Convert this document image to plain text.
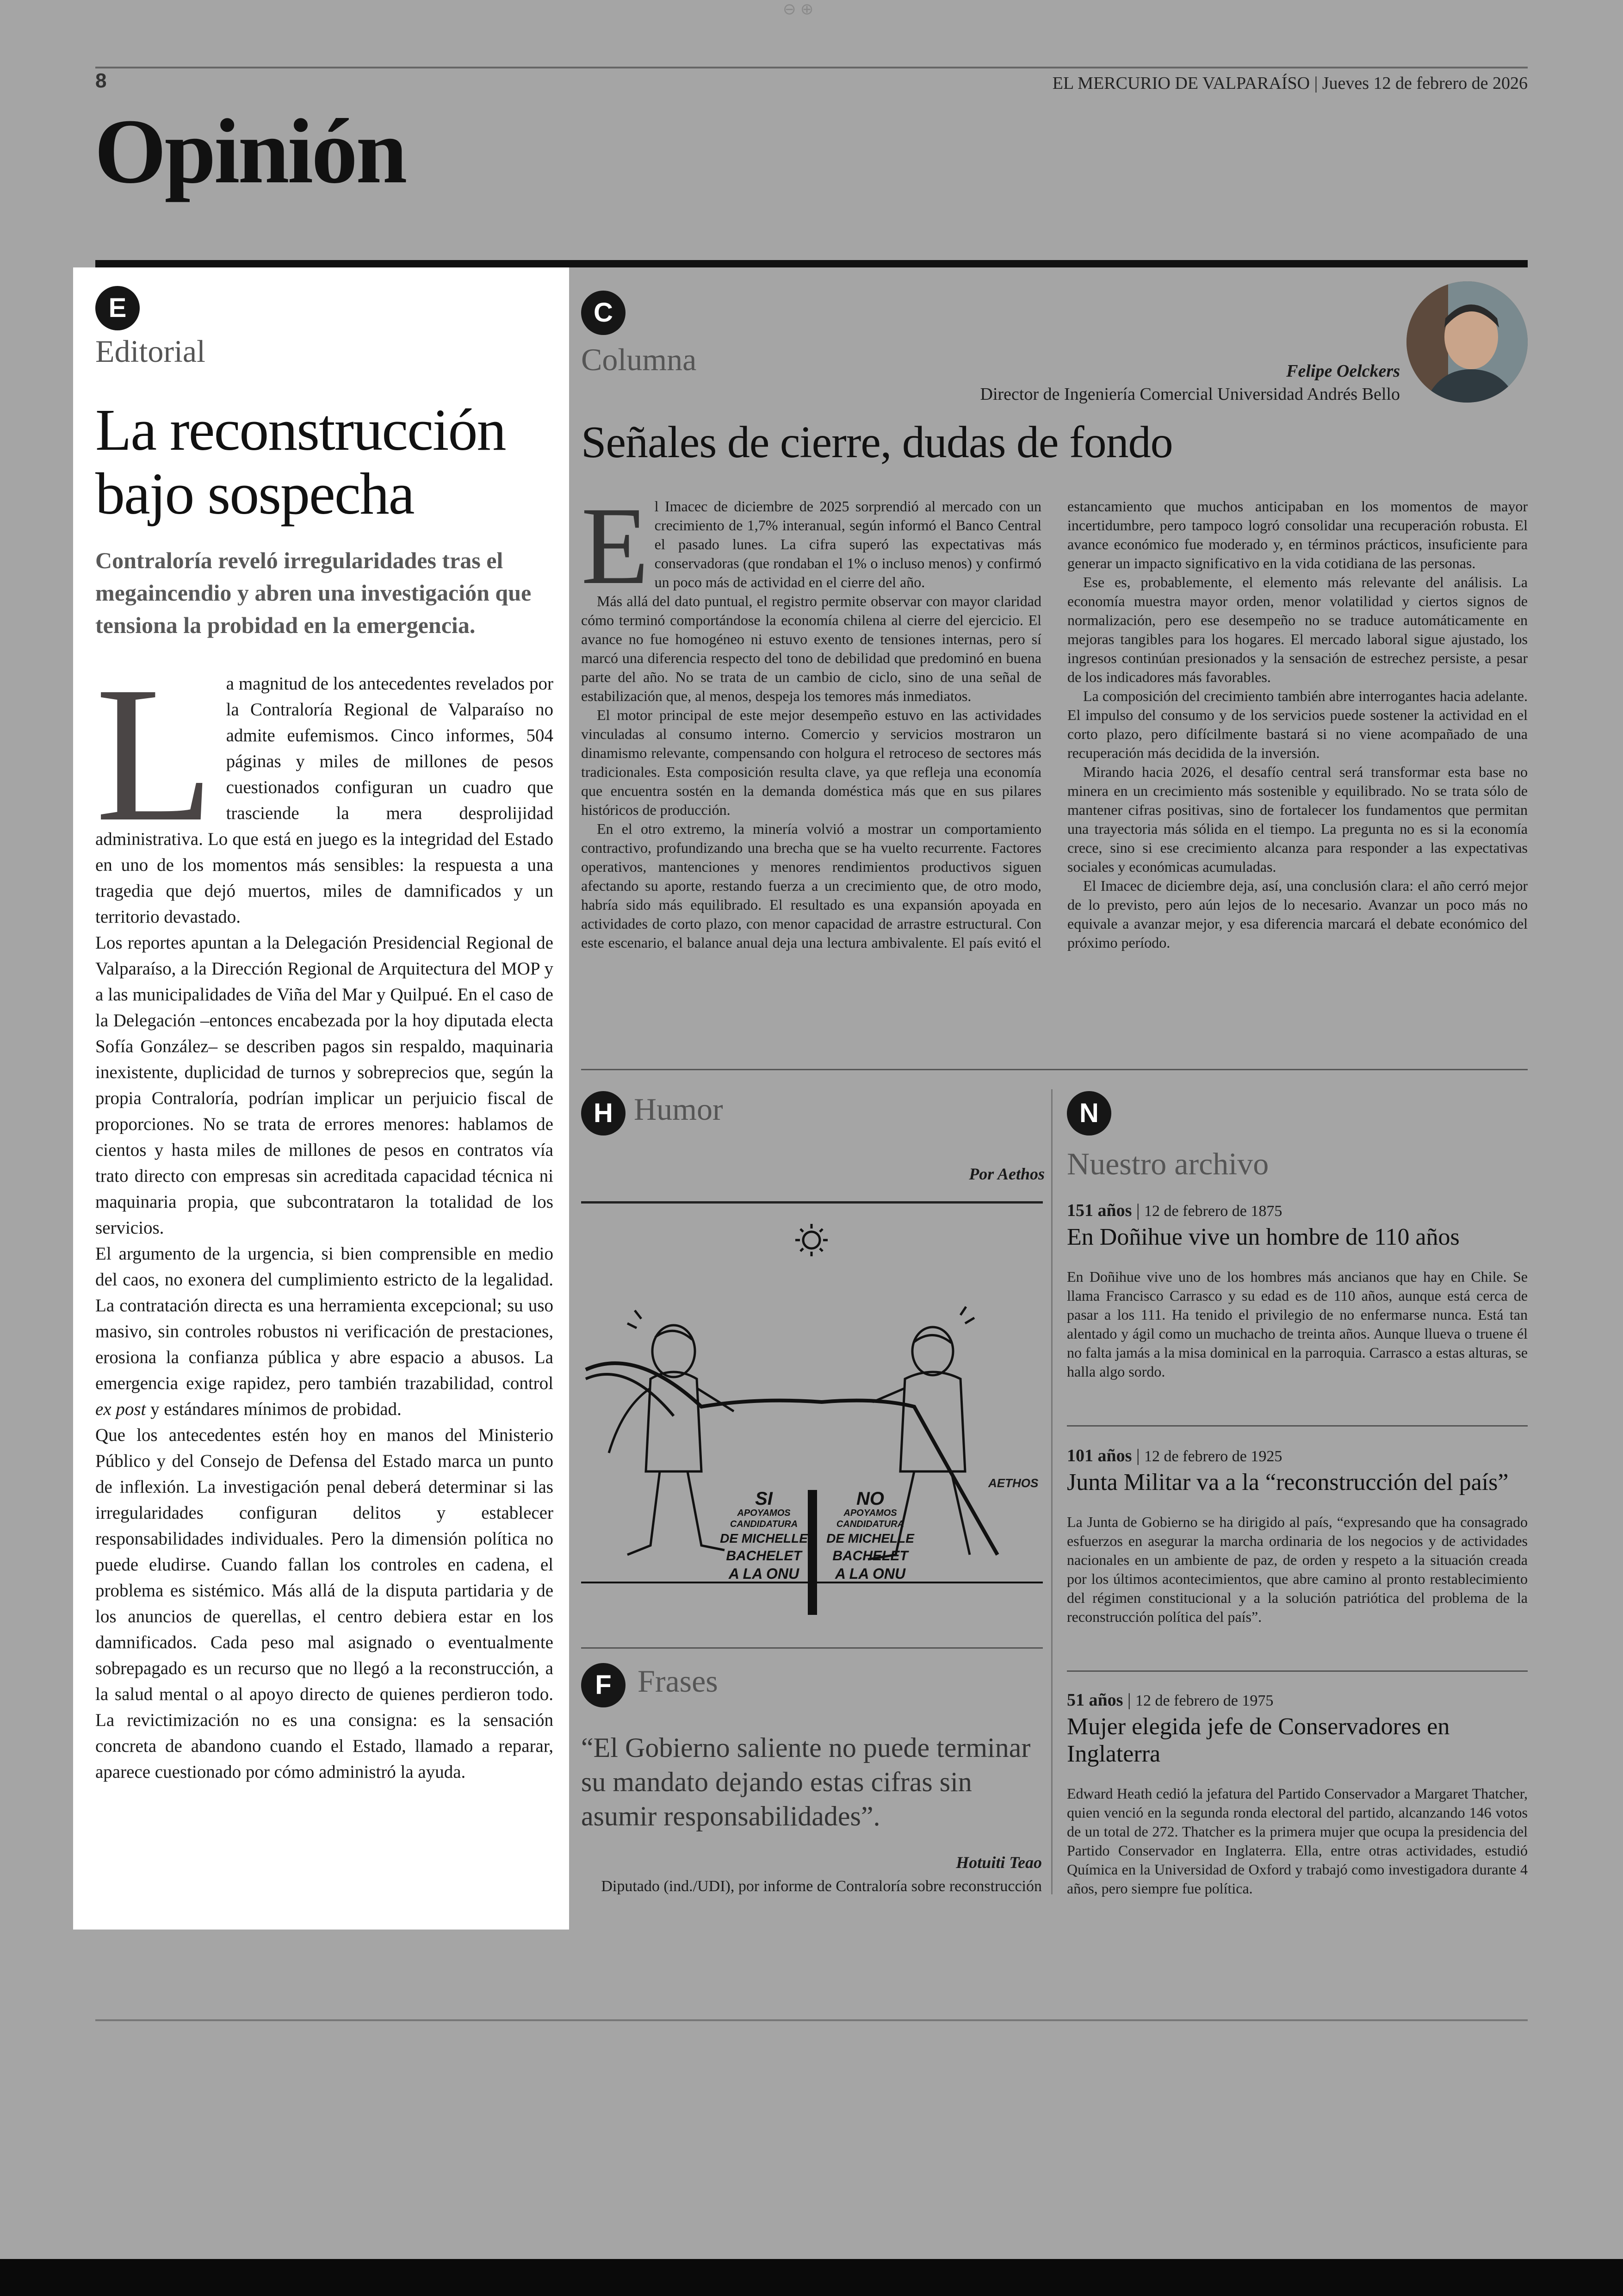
⊖ ⊕
8	EL MERCURIO DE VALPARAÍSO | Jueves 12 de febrero de 2026
Opinión
E
Editorial
La reconstrucción
bajo sospecha
Contraloría reveló irregularidades tras el megaincendio y abren una investigación que tensiona la probidad en la emergencia.
L a magnitud de los antecedentes revelados por la Contraloría Regional de Valparaíso no admite eufemismos. Cinco informes, 504 páginas y miles de millones de pesos cuestionados configuran un cuadro que trasciende la mera desprolijidad administrativa. Lo que está en juego es la integridad del Estado en uno de los momentos más sensibles: la respuesta a una tragedia que dejó muertos, miles de damnificados y un territorio devastado.

Los reportes apuntan a la Delegación Presidencial Regional de Valparaíso, a la Dirección Regional de Arquitectura del MOP y a las municipalidades de Viña del Mar y Quilpué. En el caso de la Delegación –entonces encabezada por la hoy diputada electa Sofía González– se describen pagos sin respaldo, maquinaria inexistente, duplicidad de turnos y sobreprecios que, según la propia Contraloría, podrían implicar un perjuicio fiscal de proporciones. No se trata de errores menores: hablamos de cientos y hasta miles de millones de pesos en contratos vía trato directo con empresas sin acreditada capacidad técnica ni maquinaria propia, que subcontrataron la totalidad de los servicios.

El argumento de la urgencia, si bien comprensible en medio del caos, no exonera del cumplimiento estricto de la legalidad. La contratación directa es una herramienta excepcional; su uso masivo, sin controles robustos ni verificación de prestaciones, erosiona la confianza pública y abre espacio a abusos. La emergencia exige rapidez, pero también trazabilidad, control ex post y estándares mínimos de probidad.

Que los antecedentes estén hoy en manos del Ministerio Público y del Consejo de Defensa del Estado marca un punto de inflexión. La investigación penal deberá determinar si las irregularidades configuran delitos y establecer responsabilidades individuales. Pero la dimensión política no puede eludirse. Cuando fallan los controles en cadena, el problema es sistémico. Más allá de la disputa partidaria y de los anuncios de querellas, el centro debiera estar en los damnificados. Cada peso mal asignado o eventualmente sobrepagado es un recurso que no llegó a la reconstrucción, a la salud mental o al apoyo directo de quienes perdieron todo. La revictimización no es una consigna: es la sensación concreta de abandono cuando el Estado, llamado a reparar, aparece cuestionado por cómo administró la ayuda.

C
Columna	Felipe Oelckers
Director de Ingeniería Comercial Universidad Andrés Bello
Señales de cierre, dudas de fondo

El Imacec de diciembre de 2025 sorprendió al mercado con un crecimiento de 1,7% interanual, según informó el Banco Central el pasado lunes. La cifra superó las expectativas más conservadoras (que rondaban el 1% o incluso menos) y confirmó un poco más de actividad en el cierre del año.

Más allá del dato puntual, el registro permite observar con mayor claridad cómo terminó comportándose la economía chilena al cierre del ejercicio. El avance no fue homogéneo ni estuvo exento de tensiones internas, pero sí marcó una diferencia respecto del tono de debilidad que predominó en buena parte del año. No se trata de un cambio de ciclo, sino de una señal de estabilización que, al menos, despeja los temores más inmediatos.

El motor principal de este mejor desempeño estuvo en las actividades vinculadas al consumo interno. Comercio y servicios mostraron un dinamismo relevante, compensando con holgura el retroceso de sectores más tradicionales. Esta composición resulta clave, ya que refleja una economía que encuentra sostén en la demanda doméstica más que en sus pilares históricos de producción.

En el otro extremo, la minería volvió a mostrar un comportamiento contractivo, profundizando una brecha que se ha vuelto recurrente. Factores operativos, mantenciones y menores rendimientos productivos siguen afectando su aporte, restando fuerza a un crecimiento que, de otro modo, habría sido más equilibrado. El resultado es una expansión apoyada en actividades de corto plazo, con menor capacidad de arrastre estructural. Con este escenario, el balance anual deja una lectura ambivalente. El país evitó el estancamiento que muchos anticipaban en los momentos de mayor incertidumbre, pero tampoco logró consolidar una recuperación robusta. El avance económico fue moderado y, en términos prácticos, insuficiente para generar un impacto significativo en la vida cotidiana de las personas.

Ese es, probablemente, el elemento más relevante del análisis. La economía muestra mayor orden, menor volatilidad y ciertos signos de normalización, pero ese desempeño no se traduce automáticamente en mejoras tangibles para los hogares. El mercado laboral sigue ajustado, los ingresos continúan presionados y la sensación de estrechez persiste, a pesar de los indicadores más favorables.

La composición del crecimiento también abre interrogantes hacia adelante. El impulso del consumo y de los servicios puede sostener la actividad en el corto plazo, pero difícilmente bastará si no viene acompañado de una recuperación más decidida de la inversión.

Mirando hacia 2026, el desafío central será transformar esta base no minera en un crecimiento más sostenible y equilibrado. No se trata sólo de mantener cifras positivas, sino de fortalecer los fundamentos que permitan una trayectoria más sólida en el tiempo. La pregunta no es si la economía crece, sino si ese crecimiento alcanza para responder a las expectativas sociales y económicas acumuladas.

El Imacec de diciembre deja, así, una conclusión clara: el año cerró mejor de lo previsto, pero aún lejos de lo necesario. Avanzar un poco más no equivale a avanzar mejor, y esa diferencia marcará el debate económico del próximo período.

H Humor
Por Aethos
SI
APOYAMOS
CANDIDATURA
DE MICHELLE
BACHELET
A LA ONU
NO
APOYAMOS
CANDIDATURA
DE MICHELLE
BACHELET
A LA ONU
AETHOS
F Frases
“El Gobierno saliente no puede terminar su mandato dejando estas cifras sin asumir responsabilidades”.
Hotuiti Teao
Diputado (ind./UDI), por informe de Contraloría sobre reconstrucción
N
Nuestro archivo
151 años | 12 de febrero de 1875
En Doñihue vive un hombre de 110 años
En Doñihue vive uno de los hombres más ancianos que hay en Chile. Se llama Francisco Carrasco y su edad es de 110 años, aunque está cerca de pasar a los 111. Ha tenido el privilegio de no enfermarse nunca. Está tan alentado y ágil como un muchacho de treinta años. Aunque llueva o truene él no falta jamás a la misa dominical en la parroquia. Carrasco a estas alturas, se halla algo sordo.
101 años | 12 de febrero de 1925
Junta Militar va a la “reconstrucción del país”
La Junta de Gobierno se ha dirigido al país, “expresando que ha consagrado esfuerzos en asegurar la marcha ordinaria de los negocios y de actividades nacionales en un ambiente de paz, de orden y respeto a la situación creada por los últimos acontecimientos, que abre camino al pronto restablecimiento del régimen constitucional y a la solución patriótica del problema de la reconstrucción política del país”.
51 años | 12 de febrero de 1975
Mujer elegida jefe de Conservadores en Inglaterra
Edward Heath cedió la jefatura del Partido Conservador a Margaret Thatcher, quien venció en la segunda ronda electoral del partido, alcanzando 146 votos de un total de 272. Thatcher es la primera mujer que ocupa la presidencia del Partido Conservador en Inglaterra. Ella, entre otras actividades, estudió Química en la Universidad de Oxford y trabajó como investigadora durante 4 años, pero siempre fue política.
